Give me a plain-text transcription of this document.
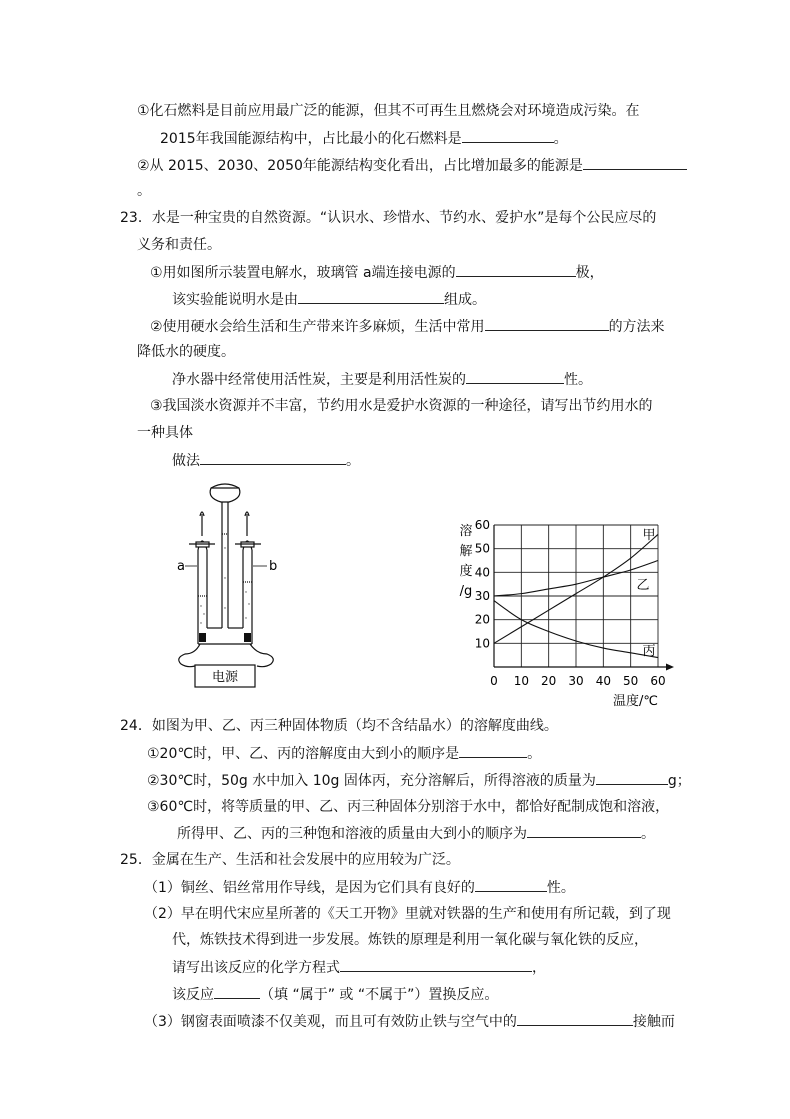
①化石燃料是目前应用最广泛的能源，但其不可再生且燃烧会对环境造成污染。在
2015年我国能源结构中，占比最小的化石燃料是	。
②从 2015、2030、2050年能源结构变化看出，占比增加最多的能源是
。
23．水是一种宝贵的自然资源。“认识水、珍惜水、节约水、爱护水”是每个公民应尽的
义务和责任。
①用如图所示装置电解水，玻璃管 a端连接电源的	极，
该实验能说明水是由	组成。
②使用硬水会给生活和生产带来许多麻烦，生活中常用	的方法来
降低水的硬度。
净水器中经常使用活性炭，主要是利用活性炭的	性。
③我国淡水资源并不丰富，节约用水是爱护水资源的一种途径，请写出节约用水的
一种具体
做法	。
a	b
电源
溶
解
度
/g
甲
乙
丙
0 10 20 30 40 50 60
10
20
30
40
50
60
温度/℃
24．如图为甲、乙、丙三种固体物质（均不含结晶水）的溶解度曲线。
①20℃时，甲、乙、丙的溶解度由大到小的顺序是	。
②30℃时，50g 水中加入 10g 固体丙，充分溶解后，所得溶液的质量为	g；
③60℃时，将等质量的甲、乙、丙三种固体分别溶于水中，都恰好配制成饱和溶液，
所得甲、乙、丙的三种饱和溶液的质量由大到小的顺序为	。
25．金属在生产、生活和社会发展中的应用较为广泛。
（1）铜丝、铝丝常用作导线，是因为它们具有良好的	性。
（2）早在明代宋应星所著的《天工开物》里就对铁器的生产和使用有所记载，到了现
代，炼铁技术得到进一步发展。炼铁的原理是利用一氧化碳与氧化铁的反应，
请写出该反应的化学方程式	，
该反应	（填 “属于” 或 “不属于”）置换反应。
（3）钢窗表面喷漆不仅美观，而且可有效防止铁与空气中的	接触而
